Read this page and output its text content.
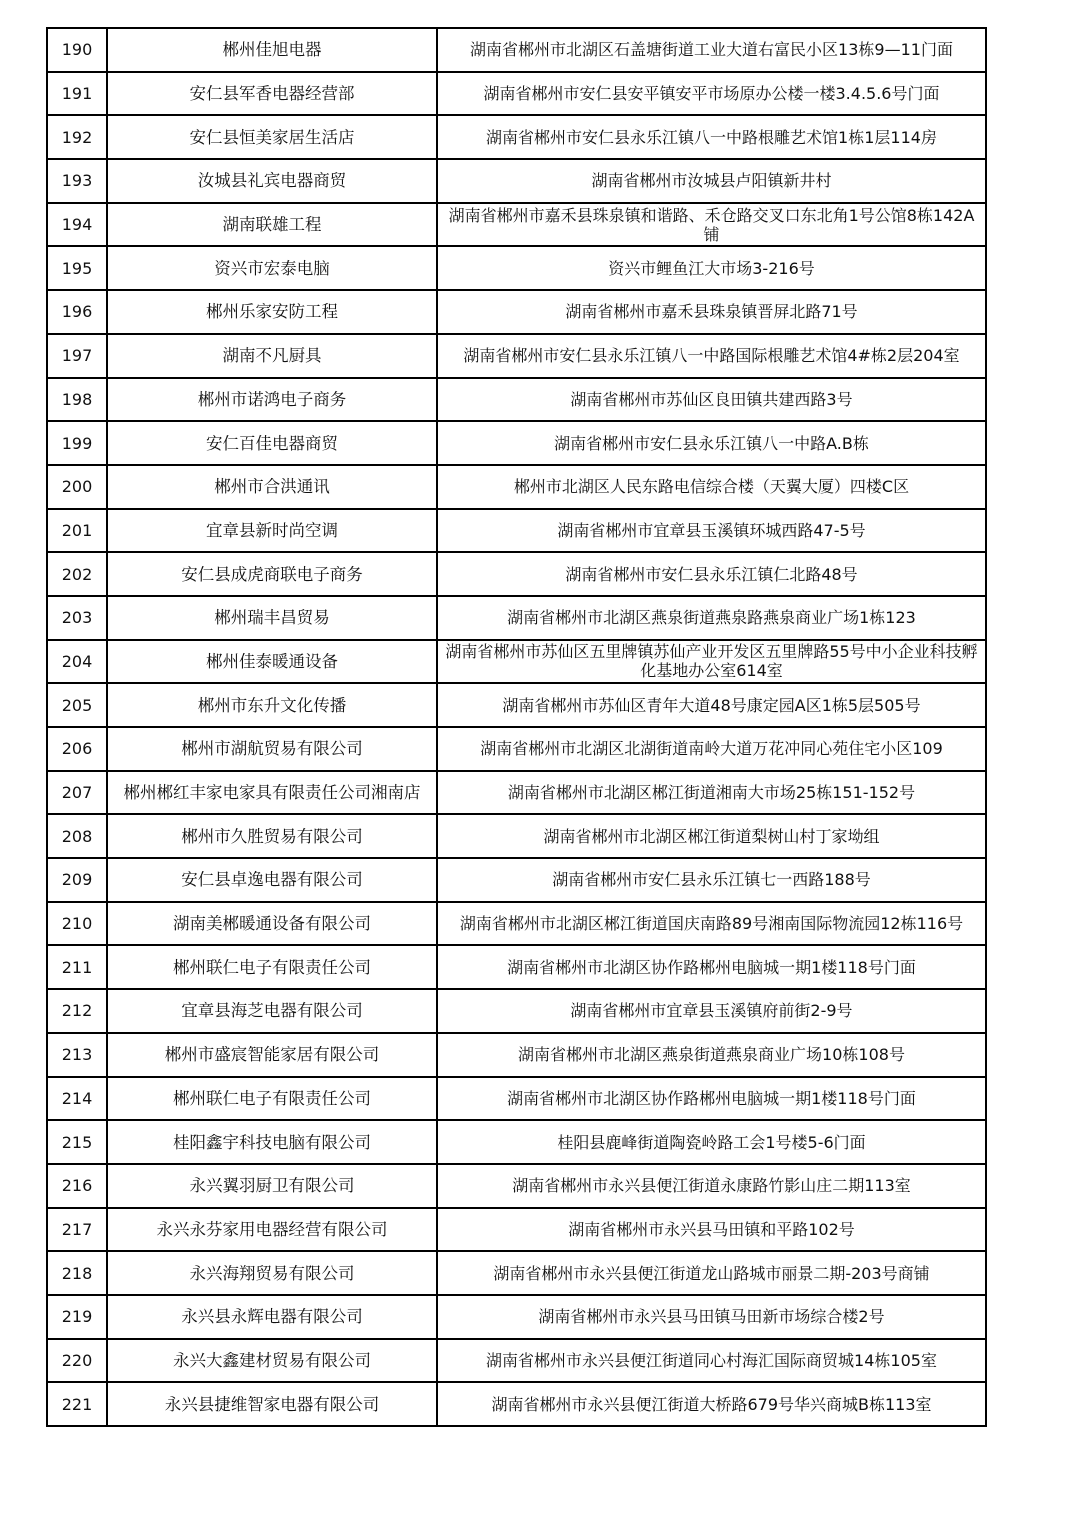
190	郴州佳旭电器	湖南省郴州市北湖区石盖塘街道工业大道右富民小区13栋9—11门面
191	安仁县军香电器经营部	湖南省郴州市安仁县安平镇安平市场原办公楼一楼3.4.5.6号门面
192	安仁县恒美家居生活店	湖南省郴州市安仁县永乐江镇八一中路根雕艺术馆1栋1层114房
193	汝城县礼宾电器商贸	湖南省郴州市汝城县卢阳镇新井村
194	湖南联雄工程	湖南省郴州市嘉禾县珠泉镇和谐路、禾仓路交叉口东北角1号公馆8栋142A铺
195	资兴市宏泰电脑	资兴市鲤鱼江大市场3-216号
196	郴州乐家安防工程	湖南省郴州市嘉禾县珠泉镇晋屏北路71号
197	湖南不凡厨具	湖南省郴州市安仁县永乐江镇八一中路国际根雕艺术馆4#栋2层204室
198	郴州市诺鸿电子商务	湖南省郴州市苏仙区良田镇共建西路3号
199	安仁百佳电器商贸	湖南省郴州市安仁县永乐江镇八一中路A.B栋
200	郴州市合洪通讯	郴州市北湖区人民东路电信综合楼（天翼大厦）四楼C区
201	宜章县新时尚空调	湖南省郴州市宜章县玉溪镇环城西路47-5号
202	安仁县成虎商联电子商务	湖南省郴州市安仁县永乐江镇仁北路48号
203	郴州瑞丰昌贸易	湖南省郴州市北湖区燕泉街道燕泉路燕泉商业广场1栋123
204	郴州佳泰暖通设备	湖南省郴州市苏仙区五里牌镇苏仙产业开发区五里牌路55号中小企业科技孵化基地办公室614室
205	郴州市东升文化传播	湖南省郴州市苏仙区青年大道48号康定园A区1栋5层505号
206	郴州市湖航贸易有限公司	湖南省郴州市北湖区北湖街道南岭大道万花冲同心苑住宅小区109
207	郴州郴红丰家电家具有限责任公司湘南店	湖南省郴州市北湖区郴江街道湘南大市场25栋151-152号
208	郴州市久胜贸易有限公司	湖南省郴州市北湖区郴江街道梨树山村丁家坳组
209	安仁县卓逸电器有限公司	湖南省郴州市安仁县永乐江镇七一西路188号
210	湖南美郴暖通设备有限公司	湖南省郴州市北湖区郴江街道国庆南路89号湘南国际物流园12栋116号
211	郴州联仁电子有限责任公司	湖南省郴州市北湖区协作路郴州电脑城一期1楼118号门面
212	宜章县海芝电器有限公司	湖南省郴州市宜章县玉溪镇府前街2-9号
213	郴州市盛宸智能家居有限公司	湖南省郴州市北湖区燕泉街道燕泉商业广场10栋108号
214	郴州联仁电子有限责任公司	湖南省郴州市北湖区协作路郴州电脑城一期1楼118号门面
215	桂阳鑫宇科技电脑有限公司	桂阳县鹿峰街道陶瓷岭路工会1号楼5-6门面
216	永兴翼羽厨卫有限公司	湖南省郴州市永兴县便江街道永康路竹影山庄二期113室
217	永兴永芬家用电器经营有限公司	湖南省郴州市永兴县马田镇和平路102号
218	永兴海翔贸易有限公司	湖南省郴州市永兴县便江街道龙山路城市丽景二期-203号商铺
219	永兴县永辉电器有限公司	湖南省郴州市永兴县马田镇马田新市场综合楼2号
220	永兴大鑫建材贸易有限公司	湖南省郴州市永兴县便江街道同心村海汇国际商贸城14栋105室
221	永兴县捷维智家电器有限公司	湖南省郴州市永兴县便江街道大桥路679号华兴商城B栋113室
